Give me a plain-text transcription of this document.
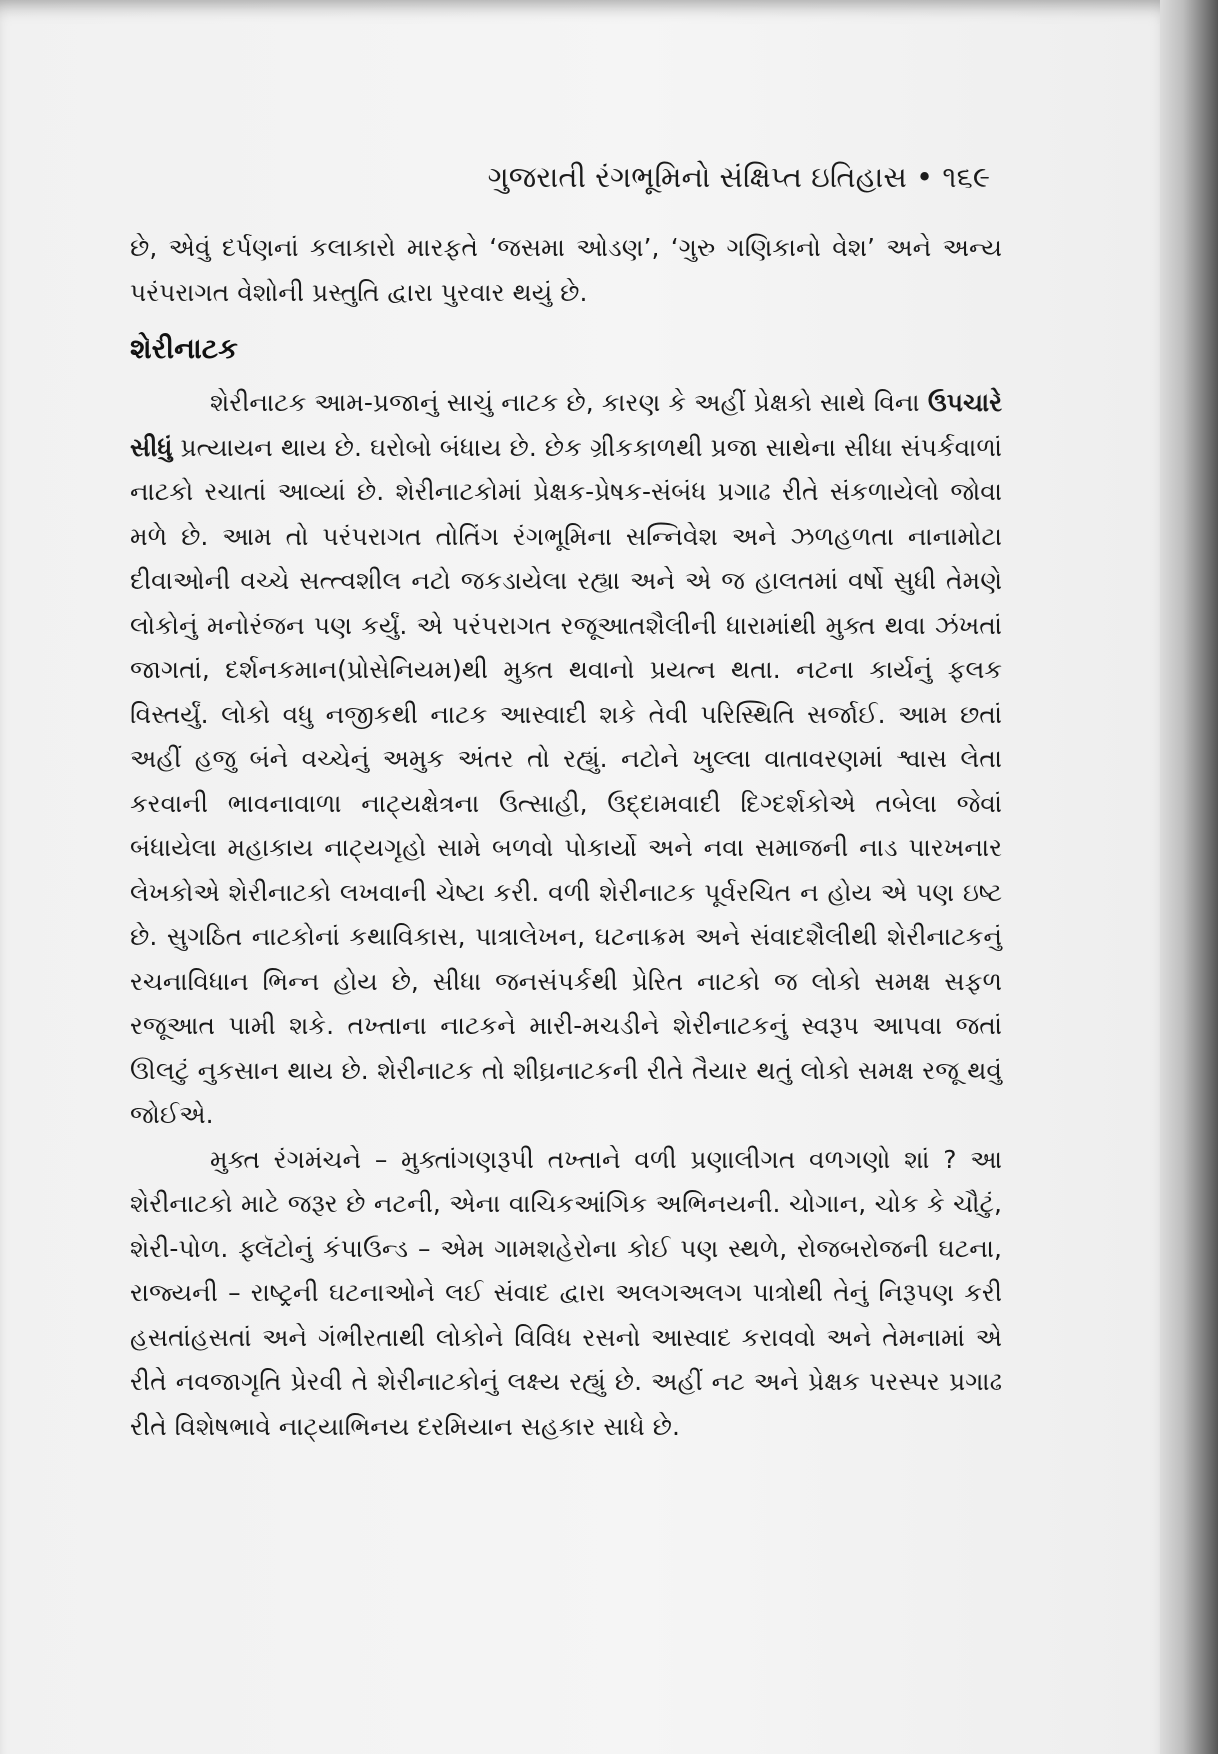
ગુજરાતી રંગભૂમિનો સંક્ષિપ્ત ઇતિહાસ • ૧૬૯

છે, એવું દર્પણનાં કલાકારો મારફતે ‘જસમા ઓડણ’, ‘ગુરુ ગણિકાનો વેશ’ અને અન્ય પરંપરાગત વેશોની પ્રસ્તુતિ દ્વારા પુરવાર થયું છે.

શેરીનાટક

શેરીનાટક આમ-પ્રજાનું સાચું નાટક છે, કારણ કે અહીં પ્રેક્ષકો સાથે વિના ઉપચારે સીધું પ્રત્યાયન થાય છે. ઘરોબો બંધાય છે. છેક ગ્રીકકાળથી પ્રજા સાથેના સીધા સંપર્કવાળાં નાટકો રચાતાં આવ્યાં છે. શેરીનાટકોમાં પ્રેક્ષક-પ્રેષક-સંબંધ પ્રગાઢ રીતે સંકળાયેલો જોવા મળે છે. આમ તો પરંપરાગત તોતિંગ રંગભૂમિના સન્નિવેશ અને ઝળહળતા નાનામોટા દીવાઓની વચ્ચે સત્ત્વશીલ નટો જકડાયેલા રહ્યા અને એ જ હાલતમાં વર્ષો સુધી તેમણે લોકોનું મનોરંજન પણ કર્યું. એ પરંપરાગત રજૂઆતશૈલીની ધારામાંથી મુક્ત થવા ઝંખતાં જાગતાં, દર્શનકમાન(પ્રોસેનિયમ)થી મુક્ત થવાનો પ્રયત્ન થતા. નટના કાર્યનું ફલક વિસ્તર્યું. લોકો વધુ નજીકથી નાટક આસ્વાદી શકે તેવી પરિસ્થિતિ સર્જાઈ. આમ છતાં અહીં હજુ બંને વચ્ચેનું અમુક અંતર તો રહ્યું. નટોને ખુલ્લા વાતાવરણમાં શ્વાસ લેતા કરવાની ભાવનાવાળા નાટ્યક્ષેત્રના ઉત્સાહી, ઉદ્દામવાદી દિગ્દર્શકોએ તબેલા જેવાં બંધાયેલા મહાકાય નાટ્યગૃહો સામે બળવો પોકાર્યો અને નવા સમાજની નાડ પારખનાર લેખકોએ શેરીનાટકો લખવાની ચેષ્ટા કરી. વળી શેરીનાટક પૂર્વરચિત ન હોય એ પણ ઇષ્ટ છે. સુગઠિત નાટકોનાં કથાવિકાસ, પાત્રાલેખન, ઘટનાક્રમ અને સંવાદશૈલીથી શેરીનાટકનું રચનાવિધાન ભિન્ન હોય છે, સીધા જનસંપર્કથી પ્રેરિત નાટકો જ લોકો સમક્ષ સફળ રજૂઆત પામી શકે. તખ્તાના નાટકને મારી-મચડીને શેરીનાટકનું સ્વરૂપ આપવા જતાં ઊલટું નુકસાન થાય છે. શેરીનાટક તો શીઘ્રનાટકની રીતે તૈયાર થતું લોકો સમક્ષ રજૂ થવું જોઈએ.

મુક્ત રંગમંચને – મુક્તાંગણરૂપી તખ્તાને વળી પ્રણાલીગત વળગણો શાં ? આ શેરીનાટકો માટે જરૂર છે નટની, એના વાચિકઆંગિક અભિનયની. ચોગાન, ચોક કે ચૌટું, શેરી-પોળ. ફ્લૅટોનું કંપાઉન્ડ – એમ ગામશહેરોના કોઈ પણ સ્થળે, રોજબરોજની ઘટના, રાજ્યની – રાષ્ટ્રની ઘટનાઓને લઈ સંવાદ દ્વારા અલગઅલગ પાત્રોથી તેનું નિરૂપણ કરી હસતાંહસતાં અને ગંભીરતાથી લોકોને વિવિધ રસનો આસ્વાદ કરાવવો અને તેમનામાં એ રીતે નવજાગૃતિ પ્રેરવી તે શેરીનાટકોનું લક્ષ્ય રહ્યું છે. અહીં નટ અને પ્રેક્ષક પરસ્પર પ્રગાઢ રીતે વિશેષભાવે નાટ્યાભિનય દરમિયાન સહકાર સાધે છે.
